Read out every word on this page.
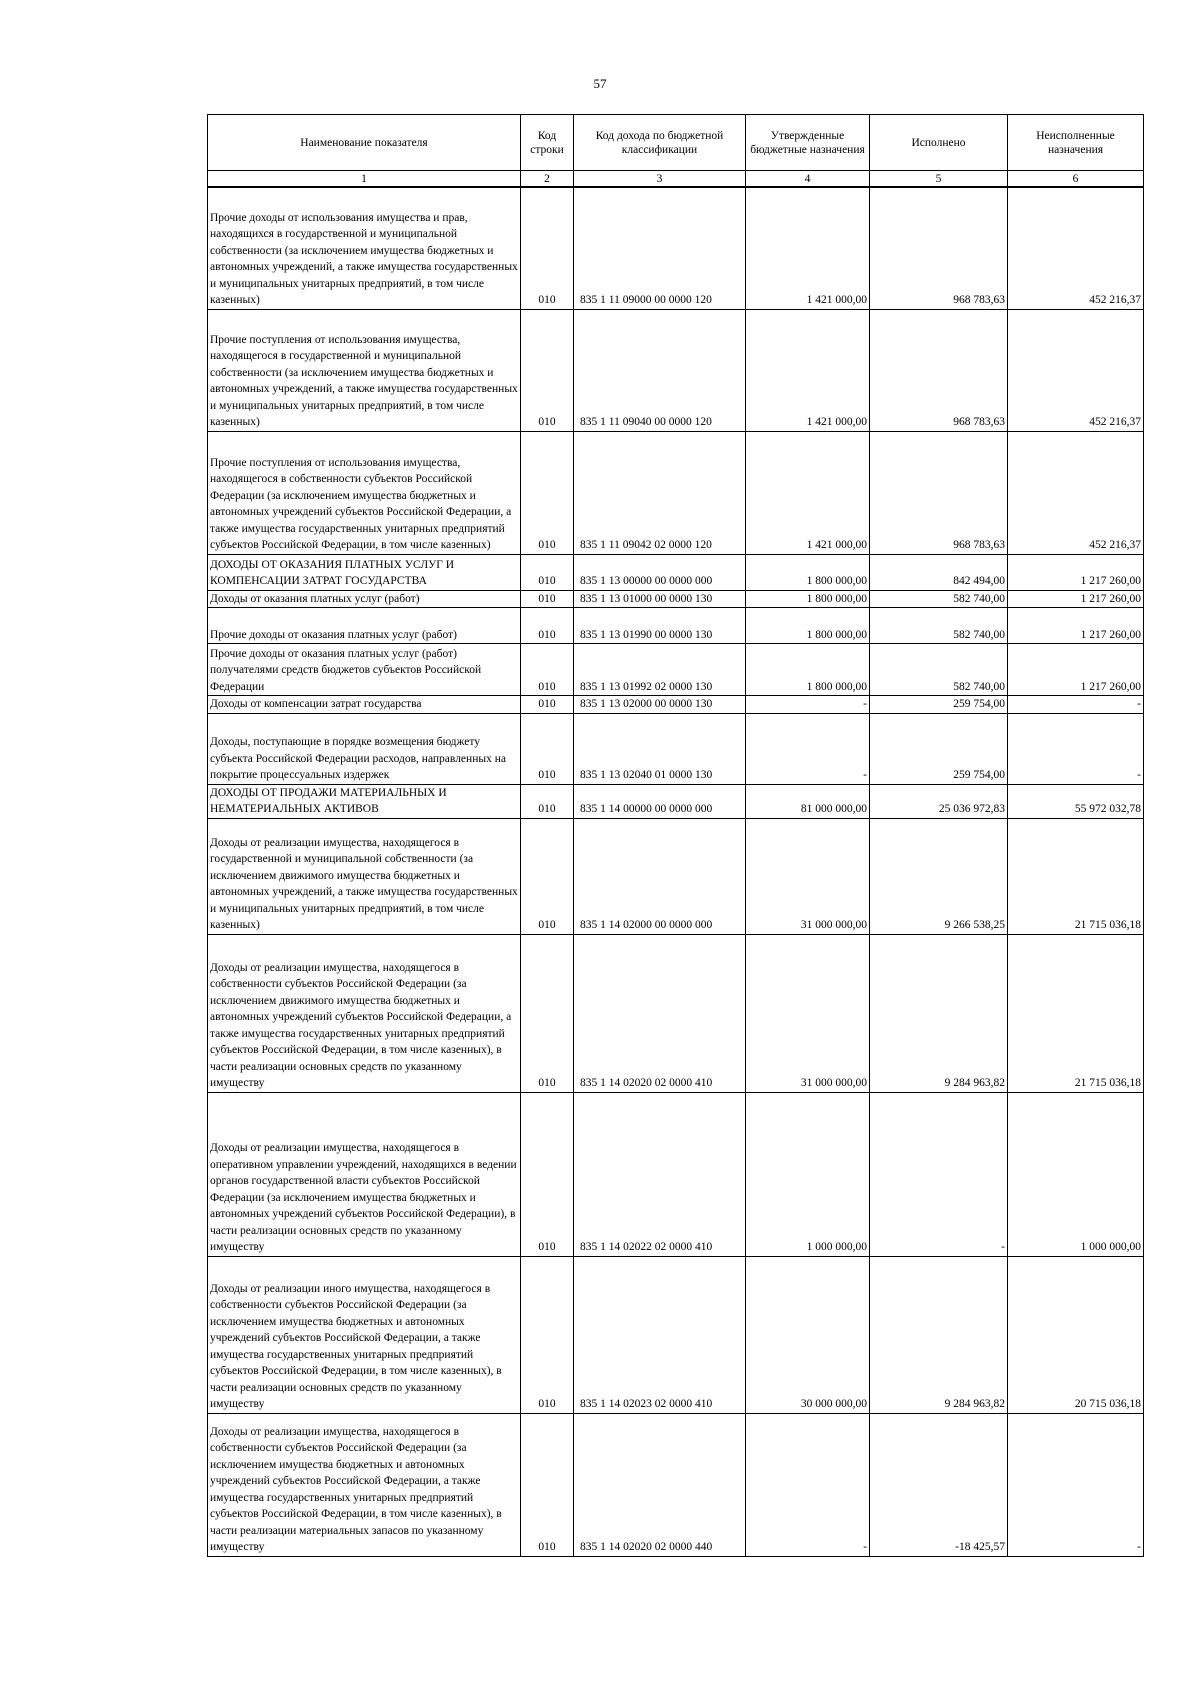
57
Наименование показателя	Код строки	Код дохода по бюджетной классификации	Утвержденные бюджетные назначения	Исполнено	Неисполненные назначения
1	2	3	4	5	6
Прочие доходы от использования имущества и прав, находящихся в государственной и муниципальной собственности (за исключением имущества бюджетных и автономных учреждений, а также имущества государственных и муниципальных унитарных предприятий, в том числе казенных)	010	835 1 11 09000 00 0000 120	1 421 000,00	968 783,63	452 216,37
Прочие поступления от использования имущества, находящегося в государственной и муниципальной собственности (за исключением имущества бюджетных и автономных учреждений, а также имущества государственных и муниципальных унитарных предприятий, в том числе казенных)	010	835 1 11 09040 00 0000 120	1 421 000,00	968 783,63	452 216,37
Прочие поступления от использования имущества, находящегося в собственности субъектов Российской Федерации (за исключением имущества бюджетных и автономных учреждений субъектов Российской Федерации, а также имущества государственных унитарных предприятий субъектов Российской Федерации, в том числе казенных)	010	835 1 11 09042 02 0000 120	1 421 000,00	968 783,63	452 216,37
ДОХОДЫ ОТ ОКАЗАНИЯ ПЛАТНЫХ УСЛУГ И КОМПЕНСАЦИИ ЗАТРАТ ГОСУДАРСТВА	010	835 1 13 00000 00 0000 000	1 800 000,00	842 494,00	1 217 260,00
Доходы от оказания платных услуг (работ)	010	835 1 13 01000 00 0000 130	1 800 000,00	582 740,00	1 217 260,00
Прочие доходы от оказания платных услуг (работ)	010	835 1 13 01990 00 0000 130	1 800 000,00	582 740,00	1 217 260,00
Прочие доходы от оказания платных услуг (работ) получателями средств бюджетов субъектов Российской Федерации	010	835 1 13 01992 02 0000 130	1 800 000,00	582 740,00	1 217 260,00
Доходы от компенсации затрат государства	010	835 1 13 02000 00 0000 130	-	259 754,00	-
Доходы, поступающие в порядке возмещения бюджету субъекта Российской Федерации расходов, направленных на покрытие процессуальных издержек	010	835 1 13 02040 01 0000 130	-	259 754,00	-
ДОХОДЫ ОТ ПРОДАЖИ МАТЕРИАЛЬНЫХ И НЕМАТЕРИАЛЬНЫХ АКТИВОВ	010	835 1 14 00000 00 0000 000	81 000 000,00	25 036 972,83	55 972 032,78
Доходы от реализации имущества, находящегося в государственной и муниципальной собственности (за исключением движимого имущества бюджетных и автономных учреждений, а также имущества государственных и муниципальных унитарных предприятий, в том числе казенных)	010	835 1 14 02000 00 0000 000	31 000 000,00	9 266 538,25	21 715 036,18
Доходы от реализации имущества, находящегося в собственности субъектов Российской Федерации (за исключением движимого имущества бюджетных и автономных учреждений субъектов Российской Федерации, а также имущества государственных унитарных предприятий субъектов Российской Федерации, в том числе казенных), в части реализации основных средств по указанному имуществу	010	835 1 14 02020 02 0000 410	31 000 000,00	9 284 963,82	21 715 036,18
Доходы от реализации имущества, находящегося в оперативном управлении учреждений, находящихся в ведении органов государственной власти субъектов Российской Федерации (за исключением имущества бюджетных и автономных учреждений субъектов Российской Федерации), в части реализации основных средств по указанному имуществу	010	835 1 14 02022 02 0000 410	1 000 000,00	-	1 000 000,00
Доходы от реализации иного имущества, находящегося в собственности субъектов Российской Федерации (за исключением имущества бюджетных и автономных учреждений субъектов Российской Федерации, а также имущества государственных унитарных предприятий субъектов Российской Федерации, в том числе казенных), в части реализации основных средств по указанному имуществу	010	835 1 14 02023 02 0000 410	30 000 000,00	9 284 963,82	20 715 036,18
Доходы от реализации имущества, находящегося в собственности субъектов Российской Федерации (за исключением имущества бюджетных и автономных учреждений субъектов Российской Федерации, а также имущества государственных унитарных предприятий субъектов Российской Федерации, в том числе казенных), в части реализации материальных запасов по указанному имуществу	010	835 1 14 02020 02 0000 440	-	-18 425,57	-
